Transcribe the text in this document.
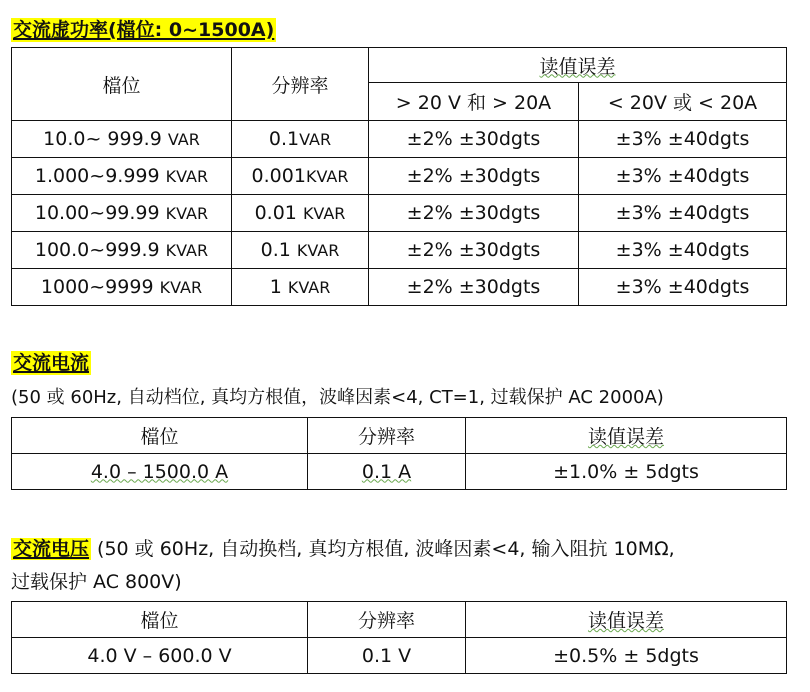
交流虚功率(檔位: 0~1500A)
檔位	分辨率	读值误差	
		> 20 V 和 > 20A	< 20V 或 < 20A
10.0~ 999.9 VAR	0.1VAR	±2% ±30dgts	±3% ±40dgts
1.000~9.999 KVAR	0.001KVAR	±2% ±30dgts	±3% ±40dgts
10.00~99.99 KVAR	0.01 KVAR	±2% ±30dgts	±3% ±40dgts
100.0~999.9 KVAR	0.1 KVAR	±2% ±30dgts	±3% ±40dgts
1000~9999 KVAR	1 KVAR	±2% ±30dgts	±3% ±40dgts
交流电流
(50 或 60Hz, 自动档位, 真均方根值，波峰因素<4, CT=1, 过载保护 AC 2000A)
檔位	分辨率	读值误差
4.0 – 1500.0 A	0.1 A	±1.0% ± 5dgts
交流电压 (50 或 60Hz, 自动换档, 真均方根值, 波峰因素<4, 输入阻抗 10MΩ,
过载保护 AC 800V)
檔位	分辨率	读值误差
4.0 V – 600.0 V	0.1 V	±0.5% ± 5dgts
